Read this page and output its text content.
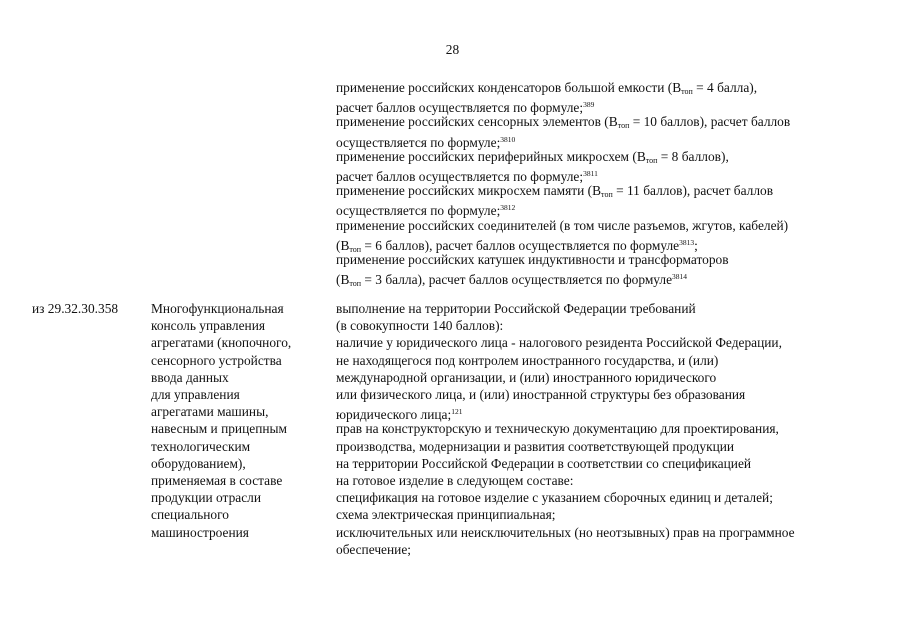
28
применение российских конденсаторов большой емкости ($B_{топ} = 4$ балла),
расчет баллов осуществляется по формуле;$^{389}$
применение российских сенсорных элементов ($B_{топ} = 10$ баллов), расчет баллов
осуществляется по формуле;$^{3810}$
применение российских периферийных микросхем ($B_{топ} = 8$ баллов),
расчет баллов осуществляется по формуле;$^{3811}$
применение российских микросхем памяти ($B_{топ} = 11$ баллов), расчет баллов
осуществляется по формуле;$^{3812}$
применение российских соединителей (в том числе разъемов, жгутов, кабелей)
($B_{топ} = 6$ баллов), расчет баллов осуществляется по формуле$^{3813}$;
применение российских катушек индуктивности и трансформаторов
($B_{топ} = 3$ балла), расчет баллов осуществляется по формуле$^{3814}$
из 29.32.30.358 Многофункциональная
консоль управления
агрегатами (кнопочного,
сенсорного устройства
ввода данных
для управления
агрегатами машины,
навесным и прицепным
технологическим
оборудованием),
применяемая в составе
продукции отрасли
специального
машиностроения
выполнение на территории Российской Федерации требований
(в совокупности 140 баллов):
наличие у юридического лица - налогового резидента Российской Федерации,
не находящегося под контролем иностранного государства, и (или)
международной организации, и (или) иностранного юридического
или физического лица, и (или) иностранной структуры без образования
юридического лица;$^{121}$
прав на конструкторскую и техническую документацию для проектирования,
производства, модернизации и развития соответствующей продукции
на территории Российской Федерации в соответствии со спецификацией
на готовое изделие в следующем составе:
спецификация на готовое изделие с указанием сборочных единиц и деталей;
схема электрическая принципиальная;
исключительных или неисключительных (но неотзывных) прав на программное
обеспечение;
